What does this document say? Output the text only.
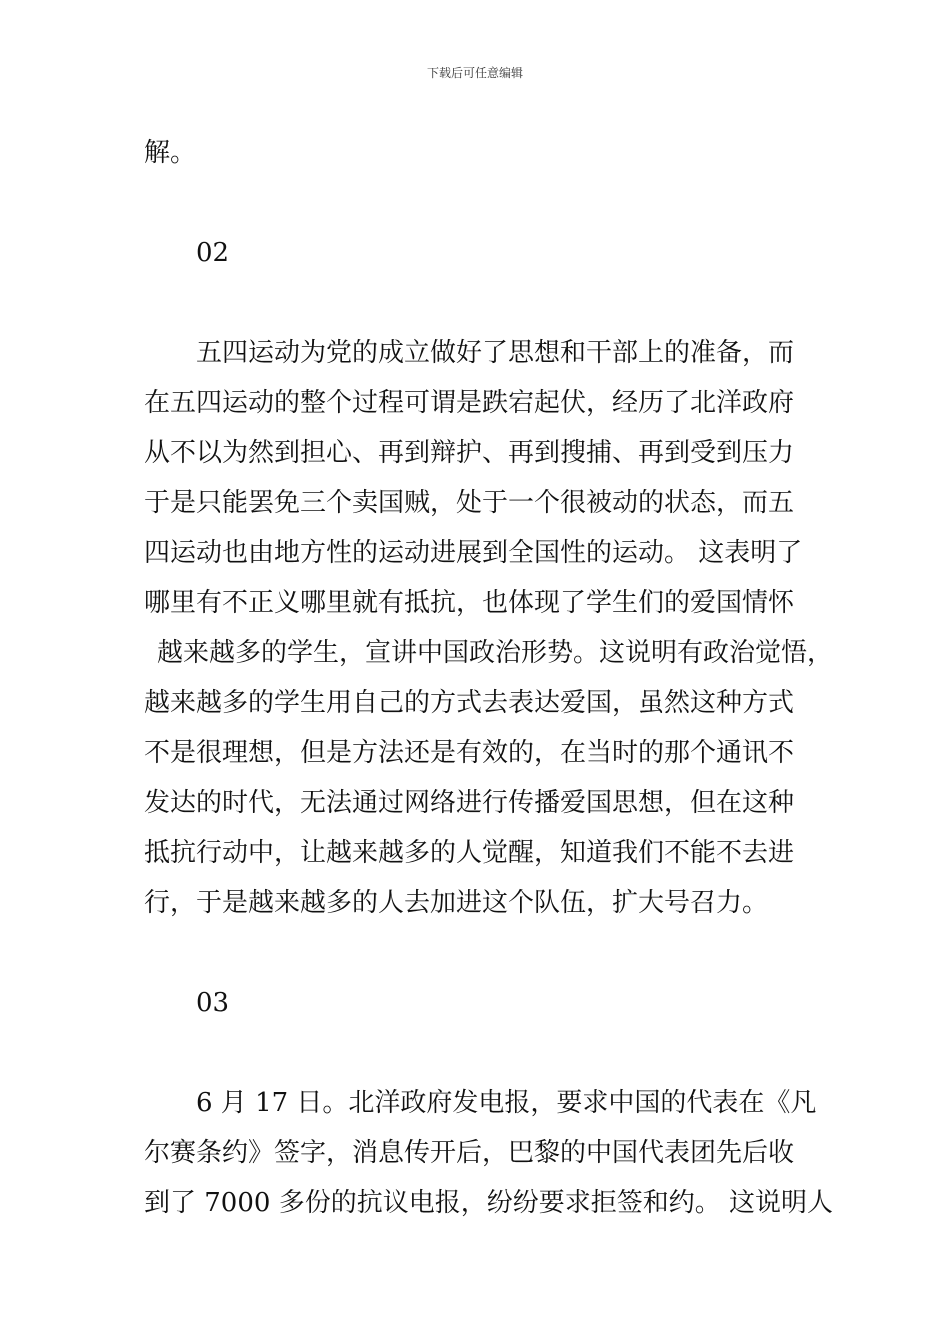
下载后可任意编辑
解。
02
五四运动为党的成立做好了思想和干部上的准备，而
在五四运动的整个过程可谓是跌宕起伏，经历了北洋政府
从不以为然到担心、再到辩护、再到搜捕、再到受到压力
于是只能罢免三个卖国贼，处于一个很被动的状态，而五
四运动也由地方性的运动进展到全国性的运动。 这表明了
哪里有不正义哪里就有抵抗，也体现了学生们的爱国情怀
越来越多的学生，宣讲中国政治形势。这说明有政治觉悟，
越来越多的学生用自己的方式去表达爱国，虽然这种方式
不是很理想，但是方法还是有效的，在当时的那个通讯不
发达的时代，无法通过网络进行传播爱国思想，但在这种
抵抗行动中，让越来越多的人觉醒，知道我们不能不去进
行，于是越来越多的人去加进这个队伍，扩大号召力。
03
6 月 17 日。北洋政府发电报，要求中国的代表在《凡
尔赛条约》签字，消息传开后，巴黎的中国代表团先后收
到了 7000 多份的抗议电报，纷纷要求拒签和约。 这说明人
